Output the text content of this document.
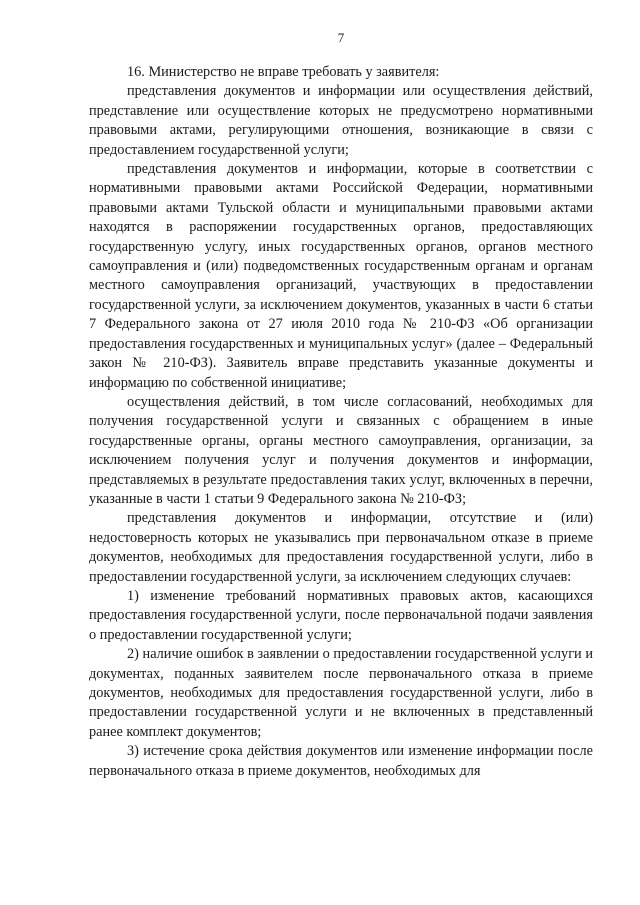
7

16. Министерство не вправе требовать у заявителя:

представления документов и информации или осуществления действий, представление или осуществление которых не предусмотрено нормативными правовыми актами, регулирующими отношения, возникающие в связи с предоставлением государственной услуги;

представления документов и информации, которые в соответствии с нормативными правовыми актами Российской Федерации, нормативными правовыми актами Тульской области и муниципальными правовыми актами находятся в распоряжении государственных органов, предоставляющих государственную услугу, иных государственных органов, органов местного самоуправления и (или) подведомственных государственным органам и органам местного самоуправления организаций, участвующих в предоставлении государственной услуги, за исключением документов, указанных в части 6 статьи 7 Федерального закона от 27 июля 2010 года № 210-ФЗ «Об организации предоставления государственных и муниципальных услуг» (далее – Федеральный закон № 210-ФЗ). Заявитель вправе представить указанные документы и информацию по собственной инициативе;

осуществления действий, в том числе согласований, необходимых для получения государственной услуги и связанных с обращением в иные государственные органы, органы местного самоуправления, организации, за исключением получения услуг и получения документов и информации, представляемых в результате предоставления таких услуг, включенных в перечни, указанные в части 1 статьи 9 Федерального закона № 210-ФЗ;

представления документов и информации, отсутствие и (или) недостоверность которых не указывались при первоначальном отказе в приеме документов, необходимых для предоставления государственной услуги, либо в предоставлении государственной услуги, за исключением следующих случаев:

1) изменение требований нормативных правовых актов, касающихся предоставления государственной услуги, после первоначальной подачи заявления о предоставлении государственной услуги;

2) наличие ошибок в заявлении о предоставлении государственной услуги и документах, поданных заявителем после первоначального отказа в приеме документов, необходимых для предоставления государственной услуги, либо в предоставлении государственной услуги и не включенных в представленный ранее комплект документов;

3) истечение срока действия документов или изменение информации после первоначального отказа в приеме документов, необходимых для
